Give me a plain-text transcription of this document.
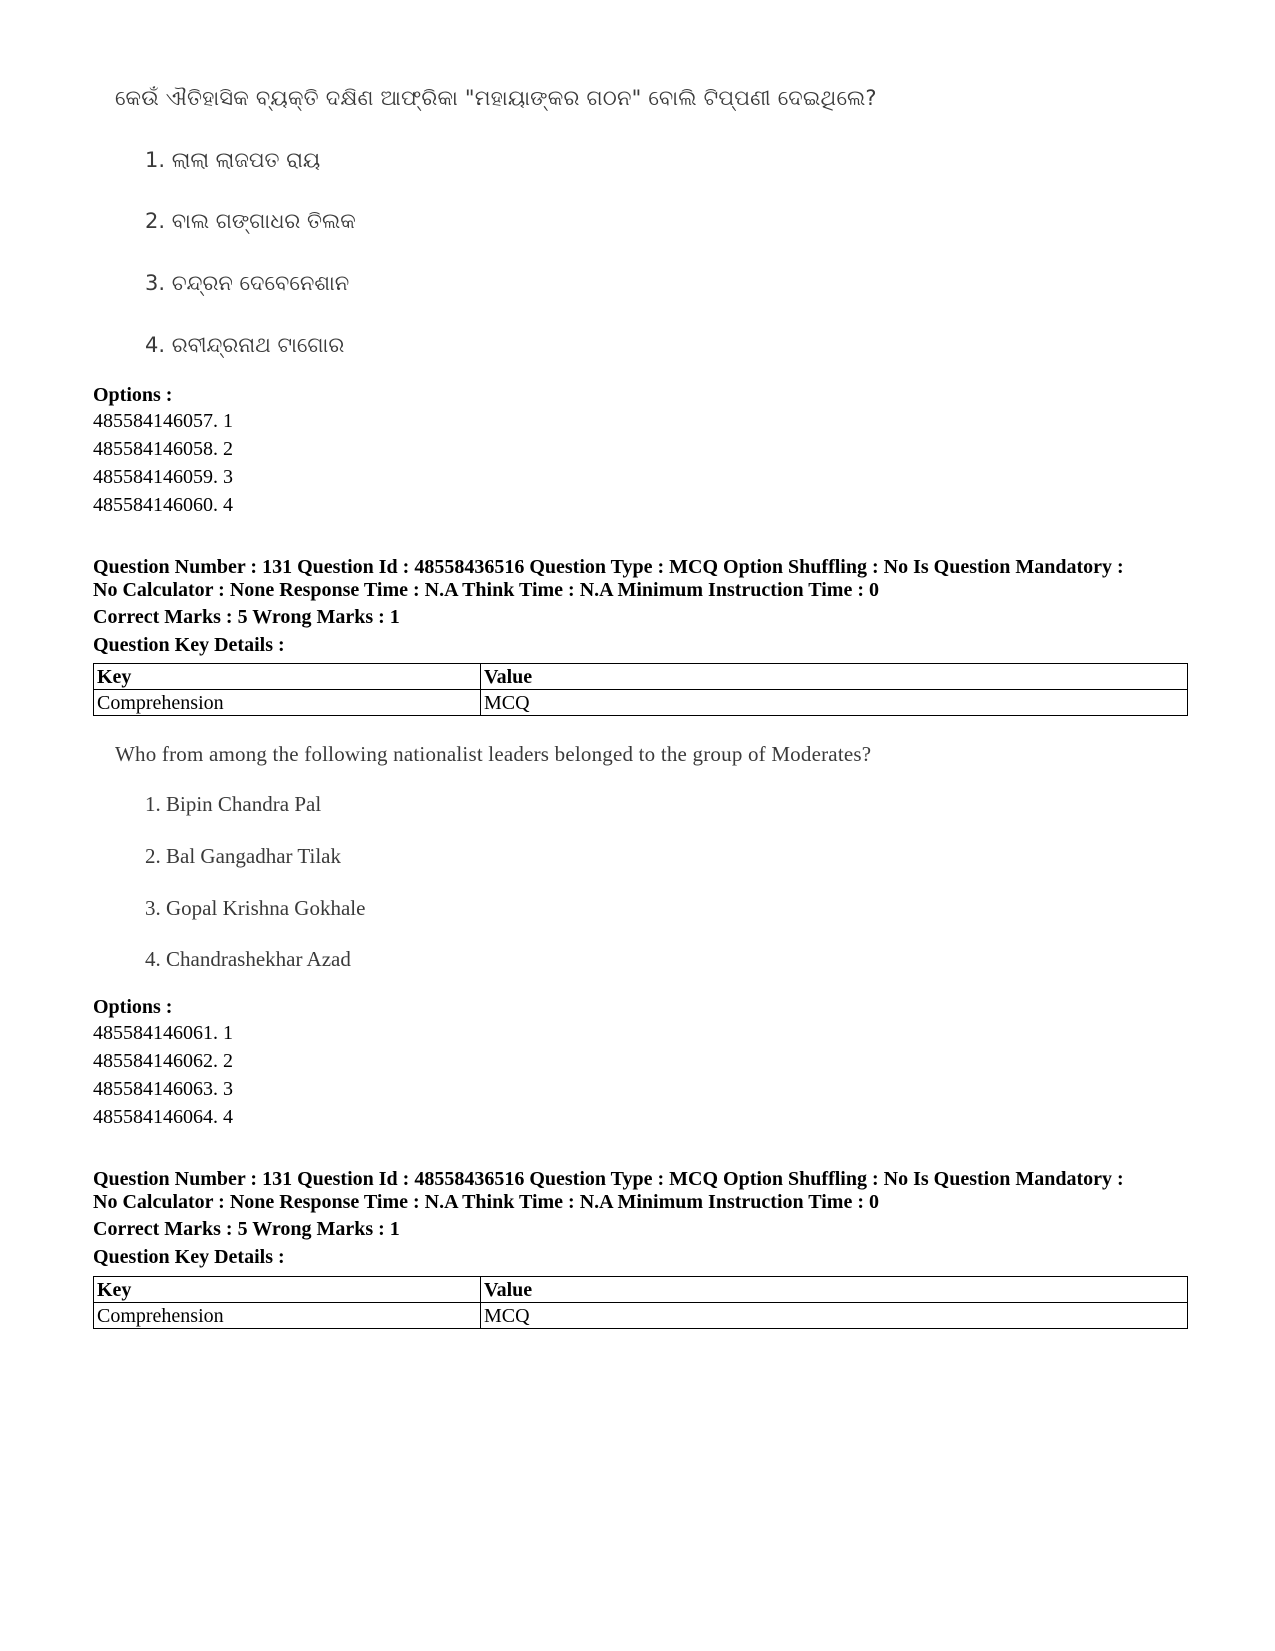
କେଉଁ ଐତିହାସିକ ବ୍ୟକ୍ତି ଦକ୍ଷିଣ ଆଫ୍ରିକା "ମହାୟାଙ୍କର ଗଠନ" ବୋଲି ଟିପ୍ପଣୀ ଦେଇଥିଲେ?
1. ଲାଲା ଲାଜପତ ରାୟ
2. ବାଲ ଗଙ୍ଗାଧର ତିଲକ
3. ଚନ୍ଦ୍ରନ ଦେବେନେଶାନ
4. ରବୀନ୍ଦ୍ରନାଥ ଟାଗୋର
Options :
485584146057. 1
485584146058. 2
485584146059. 3
485584146060. 4
Question Number : 131 Question Id : 48558436516 Question Type : MCQ Option Shuffling : No Is Question Mandatory :
No Calculator : None Response Time : N.A Think Time : N.A Minimum Instruction Time : 0
Correct Marks : 5 Wrong Marks : 1
Question Key Details :
Key	Value
Comprehension	MCQ
Who from among the following nationalist leaders belonged to the group of Moderates?
1. Bipin Chandra Pal
2. Bal Gangadhar Tilak
3. Gopal Krishna Gokhale
4. Chandrashekhar Azad
Options :
485584146061. 1
485584146062. 2
485584146063. 3
485584146064. 4
Question Number : 131 Question Id : 48558436516 Question Type : MCQ Option Shuffling : No Is Question Mandatory :
No Calculator : None Response Time : N.A Think Time : N.A Minimum Instruction Time : 0
Correct Marks : 5 Wrong Marks : 1
Question Key Details :
Key	Value
Comprehension	MCQ
